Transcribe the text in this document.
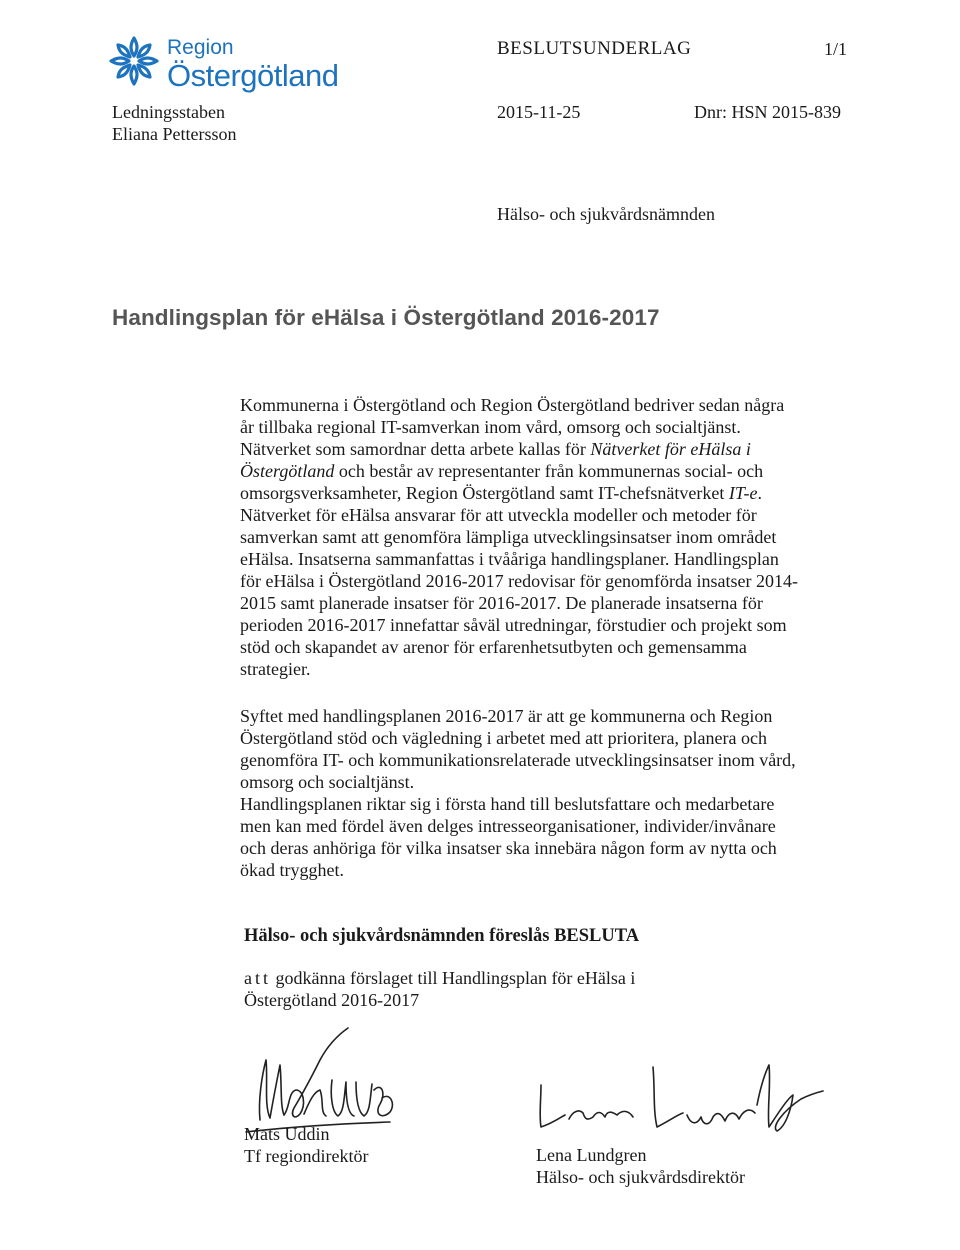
Region
Östergötland
BESLUTSUNDERLAG	1/1
Ledningsstaben
Eliana Pettersson
2015-11-25	Dnr: HSN 2015-839
Hälso- och sjukvårdsnämnden
Handlingsplan för eHälsa i Östergötland 2016-2017

Kommunerna i Östergötland och Region Östergötland bedriver sedan några

år tillbaka regional IT-samverkan inom vård, omsorg och socialtjänst.

Nätverket som samordnar detta arbete kallas för Nätverket för eHälsa i

Östergötland och består av representanter från kommunernas social- och

omsorgsverksamheter, Region Östergötland samt IT-chefsnätverket IT-e.

Nätverket för eHälsa ansvarar för att utveckla modeller och metoder för

samverkan samt att genomföra lämpliga utvecklingsinsatser inom området

eHälsa. Insatserna sammanfattas i tvååriga handlingsplaner. Handlingsplan

för eHälsa i Östergötland 2016-2017 redovisar för genomförda insatser 2014-

2015 samt planerade insatser för 2016-2017. De planerade insatserna för

perioden 2016-2017 innefattar såväl utredningar, förstudier och projekt som

stöd och skapandet av arenor för erfarenhetsutbyten och gemensamma

strategier.

Syftet med handlingsplanen 2016-2017 är att ge kommunerna och Region

Östergötland stöd och vägledning i arbetet med att prioritera, planera och

genomföra IT- och kommunikationsrelaterade utvecklingsinsatser inom vård,

omsorg och socialtjänst.

Handlingsplanen riktar sig i första hand till beslutsfattare och medarbetare

men kan med fördel även delges intresseorganisationer, individer/invånare

och deras anhöriga för vilka insatser ska innebära någon form av nytta och

ökad trygghet.

Hälso- och sjukvårdsnämnden föreslås BESLUTA

att godkänna förslaget till Handlingsplan för eHälsa i

Östergötland 2016-2017

Mats Uddin

Tf regiondirektör	Lena Lundgren

Hälso- och sjukvårdsdirektör
